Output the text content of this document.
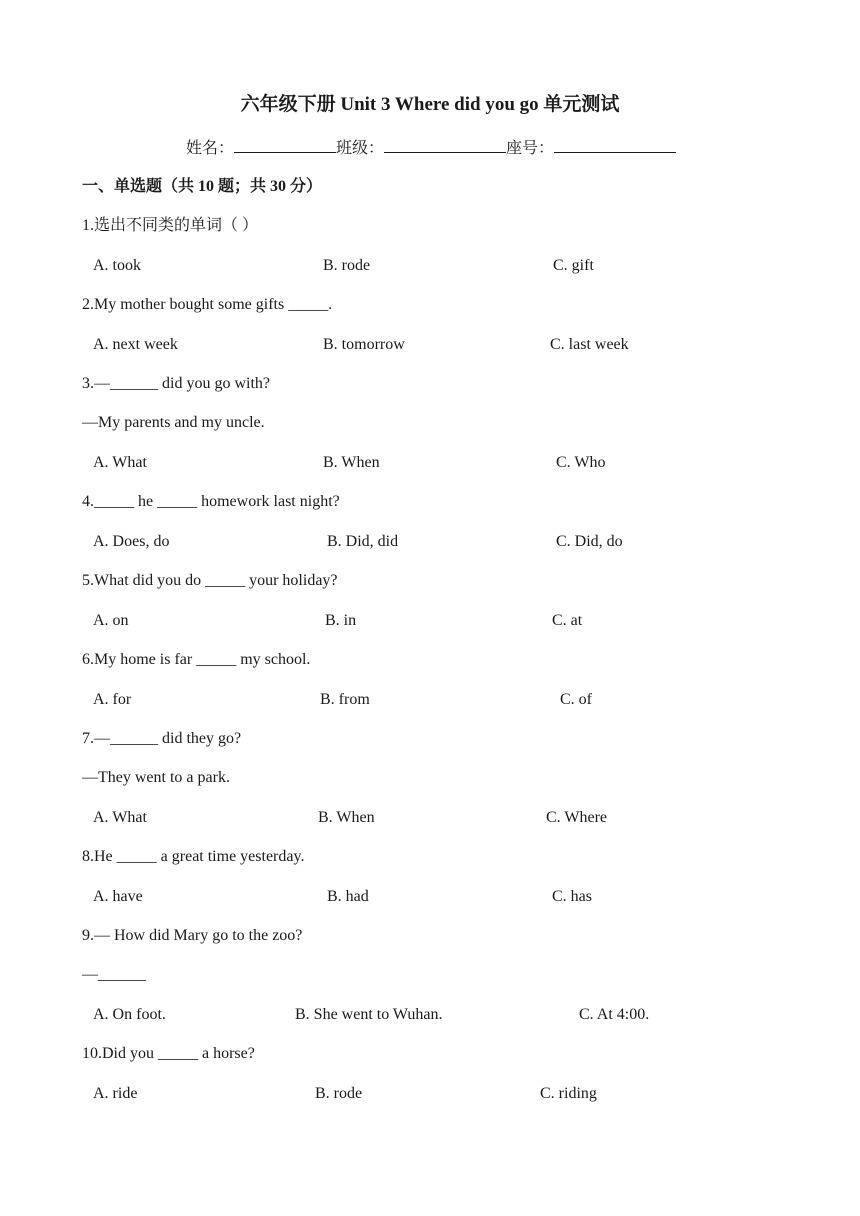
六年级下册 Unit 3 Where did you go 单元测试
姓名：	班级：	座号：
一、单选题（共 10 题；共 30 分）
1.选出不同类的单词（ ）
A. took	B. rode	C. gift
2.My mother bought some gifts _____.
A. next week	B. tomorrow	C. last week
3.—______ did you go with?
—My parents and my uncle.
A. What	B. When	C. Who
4._____ he _____ homework last night?
A. Does, do	B. Did, did	C. Did, do
5.What did you do _____ your holiday?
A. on	B. in	C. at
6.My home is far _____ my school.
A. for	B. from	C. of
7.—______ did they go?
—They went to a park.
A. What	B. When	C. Where
8.He _____ a great time yesterday.
A. have	B. had	C. has
9.— How did Mary go to the zoo?
—______
A. On foot.	B. She went to Wuhan.	C. At 4:00.
10.Did you _____ a horse?
A. ride	B. rode	C. riding
